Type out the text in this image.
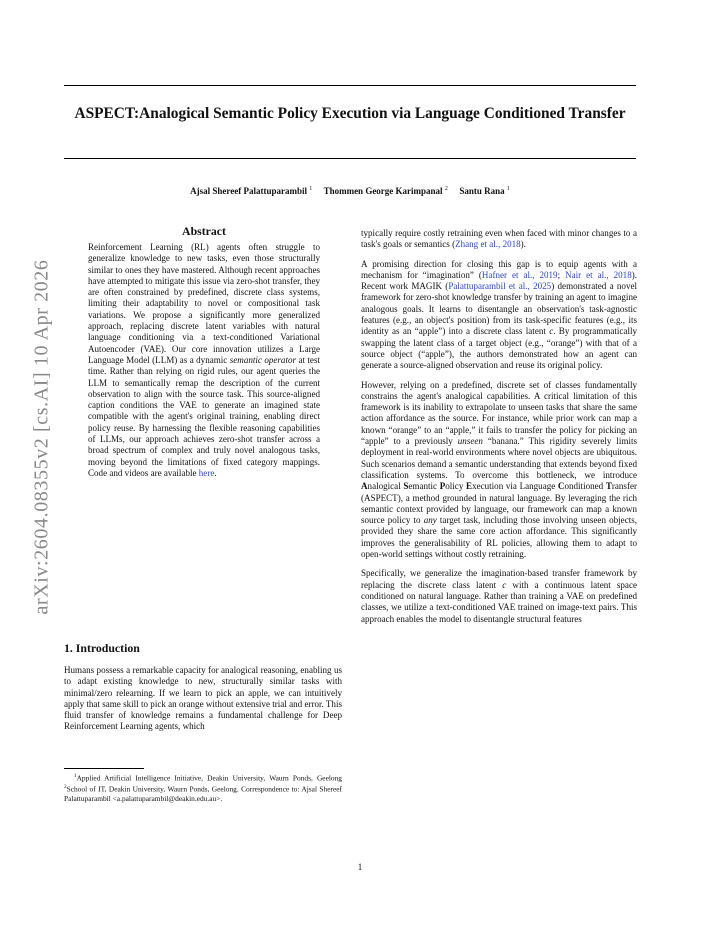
arXiv:2604.08355v2 [cs.AI] 10 Apr 2026
ASPECT:Analogical Semantic Policy Execution via Language Conditioned Transfer
Ajsal Shereef Palattuparambil $^1$ Thommen George Karimpanal $^2$ Santu Rana $^1$
Abstract

Reinforcement Learning (RL) agents often struggle to generalize knowledge to new tasks, even those structurally similar to ones they have mastered. Although recent approaches have attempted to mitigate this issue via zero-shot transfer, they are often constrained by predefined, discrete class systems, limiting their adaptability to novel or compositional task variations. We propose a significantly more generalized approach, replacing discrete latent variables with natural language conditioning via a text-conditioned Variational Autoencoder (VAE). Our core innovation utilizes a Large Language Model (LLM) as a dynamic semantic operator at test time. Rather than relying on rigid rules, our agent queries the LLM to semantically remap the description of the current observation to align with the source task. This source-aligned caption conditions the VAE to generate an imagined state compatible with the agent's original training, enabling direct policy reuse. By harnessing the flexible reasoning capabilities of LLMs, our approach achieves zero-shot transfer across a broad spectrum of complex and truly novel analogous tasks, moving beyond the limitations of fixed category mappings. Code and videos are available here.

1. Introduction

Humans possess a remarkable capacity for analogical reasoning, enabling us to adapt existing knowledge to new, structurally similar tasks with minimal/zero relearning. If we learn to pick an apple, we can intuitively apply that same skill to pick an orange without extensive trial and error. This fluid transfer of knowledge remains a fundamental challenge for Deep Reinforcement Learning agents, which

$^1$Applied Artificial Intelligence Initiative, Deakin University, Waurn Ponds, Geelong $^2$School of IT, Deakin University, Waurn Ponds, Geelong. Correspondence to: Ajsal Shereef Palattuparambil <a.palattuparambil@deakin.edu.au>.

typically require costly retraining even when faced with minor changes to a task's goals or semantics (Zhang et al., 2018).

A promising direction for closing this gap is to equip agents with a mechanism for “imagination” (Hafner et al., 2019; Nair et al., 2018). Recent work MAGIK (Palattuparambil et al., 2025) demonstrated a novel framework for zero-shot knowledge transfer by training an agent to imagine analogous goals. It learns to disentangle an observation's task-agnostic features (e.g., an object's position) from its task-specific features (e.g., its identity as an “apple”) into a discrete class latent c. By programmatically swapping the latent class of a target object (e.g., “orange”) with that of a source object (“apple”), the authors demonstrated how an agent can generate a source-aligned observation and reuse its original policy.

However, relying on a predefined, discrete set of classes fundamentally constrains the agent's analogical capabilities. A critical limitation of this framework is its inability to extrapolate to unseen tasks that share the same action affordance as the source. For instance, while prior work can map a known “orange” to an “apple,” it fails to transfer the policy for picking an “apple” to a previously unseen “banana.” This rigidity severely limits deployment in real-world environments where novel objects are ubiquitous. Such scenarios demand a semantic understanding that extends beyond fixed classification systems. To overcome this bottleneck, we introduce Analogical Semantic Policy Execution via Language Conditioned Transfer (ASPECT), a method grounded in natural language. By leveraging the rich semantic context provided by language, our framework can map a known source policy to any target task, including those involving unseen objects, provided they share the same core action affordance. This significantly improves the generalisability of RL policies, allowing them to adapt to open-world settings without costly retraining.

Specifically, we generalize the imagination-based transfer framework by replacing the discrete class latent c with a continuous latent space conditioned on natural language. Rather than training a VAE on predefined classes, we utilize a text-conditioned VAE trained on image-text pairs. This approach enables the model to disentangle structural features

1
